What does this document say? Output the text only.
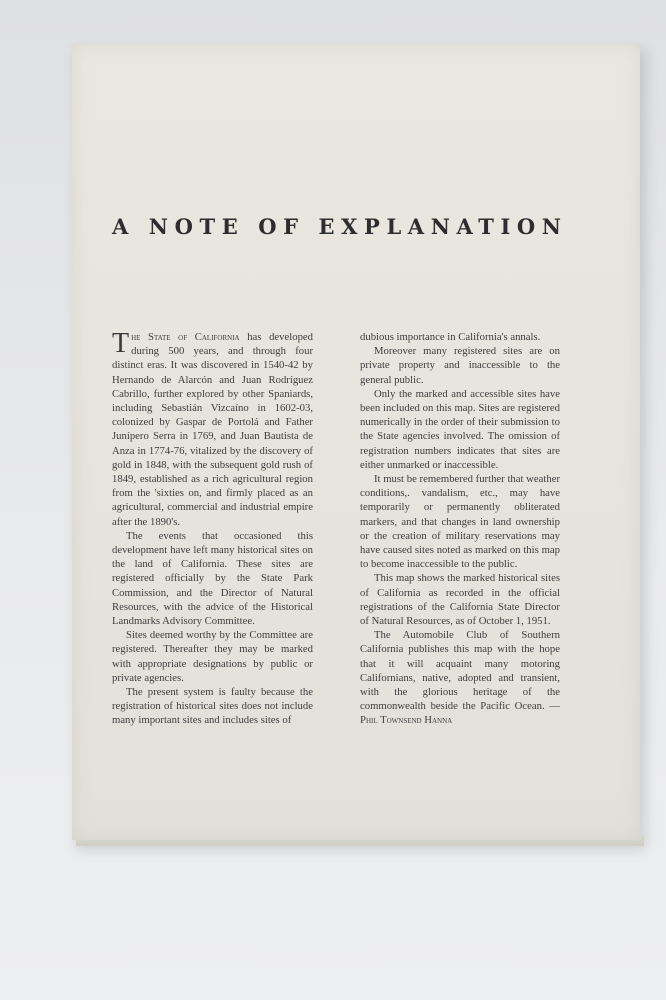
A NOTE OF EXPLANATION

The State of California has developed during 500 years, and through four distinct eras. It was discovered in 1540-42 by Hernando de Alarcón and Juan Rodríguez Cabrillo, further explored by other Spaniards, including Sebastián Vizcaíno in 1602-03, colonized by Gaspar de Portolá and Father Junípero Serra in 1769, and Juan Bautista de Anza in 1774-76, vitalized by the discovery of gold in 1848, with the subsequent gold rush of 1849, established as a rich agricultural region from the 'sixties on, and firmly placed as an agricultural, commercial and industrial empire after the 1890's.

The events that occasioned this development have left many historical sites on the land of California. These sites are registered officially by the State Park Commission, and the Director of Natural Resources, with the advice of the Historical Landmarks Advisory Committee.

Sites deemed worthy by the Committee are registered. Thereafter they may be marked with appropriate designations by public or private agencies.

The present system is faulty because the registration of historical sites does not include many important sites and includes sites of

dubious importance in California's annals.

Moreover many registered sites are on private property and inaccessible to the general public.

Only the marked and accessible sites have been included on this map. Sites are registered numerically in the order of their submission to the State agencies involved. The omission of registration numbers indicates that sites are either unmarked or inaccessible.

It must be remembered further that weather conditions,. vandalism, etc., may have temporarily or permanently obliterated markers, and that changes in land ownership or the creation of military reservations may have caused sites noted as marked on this map to become inaccessible to the public.

This map shows the marked historical sites of California as recorded in the official registrations of the California State Director of Natural Resources, as of October 1, 1951.

The Automobile Club of Southern California publishes this map with the hope that it will acquaint many motoring Californians, native, adopted and transient, with the glorious heritage of the commonwealth beside the Pacific Ocean. —Phil Townsend Hanna
